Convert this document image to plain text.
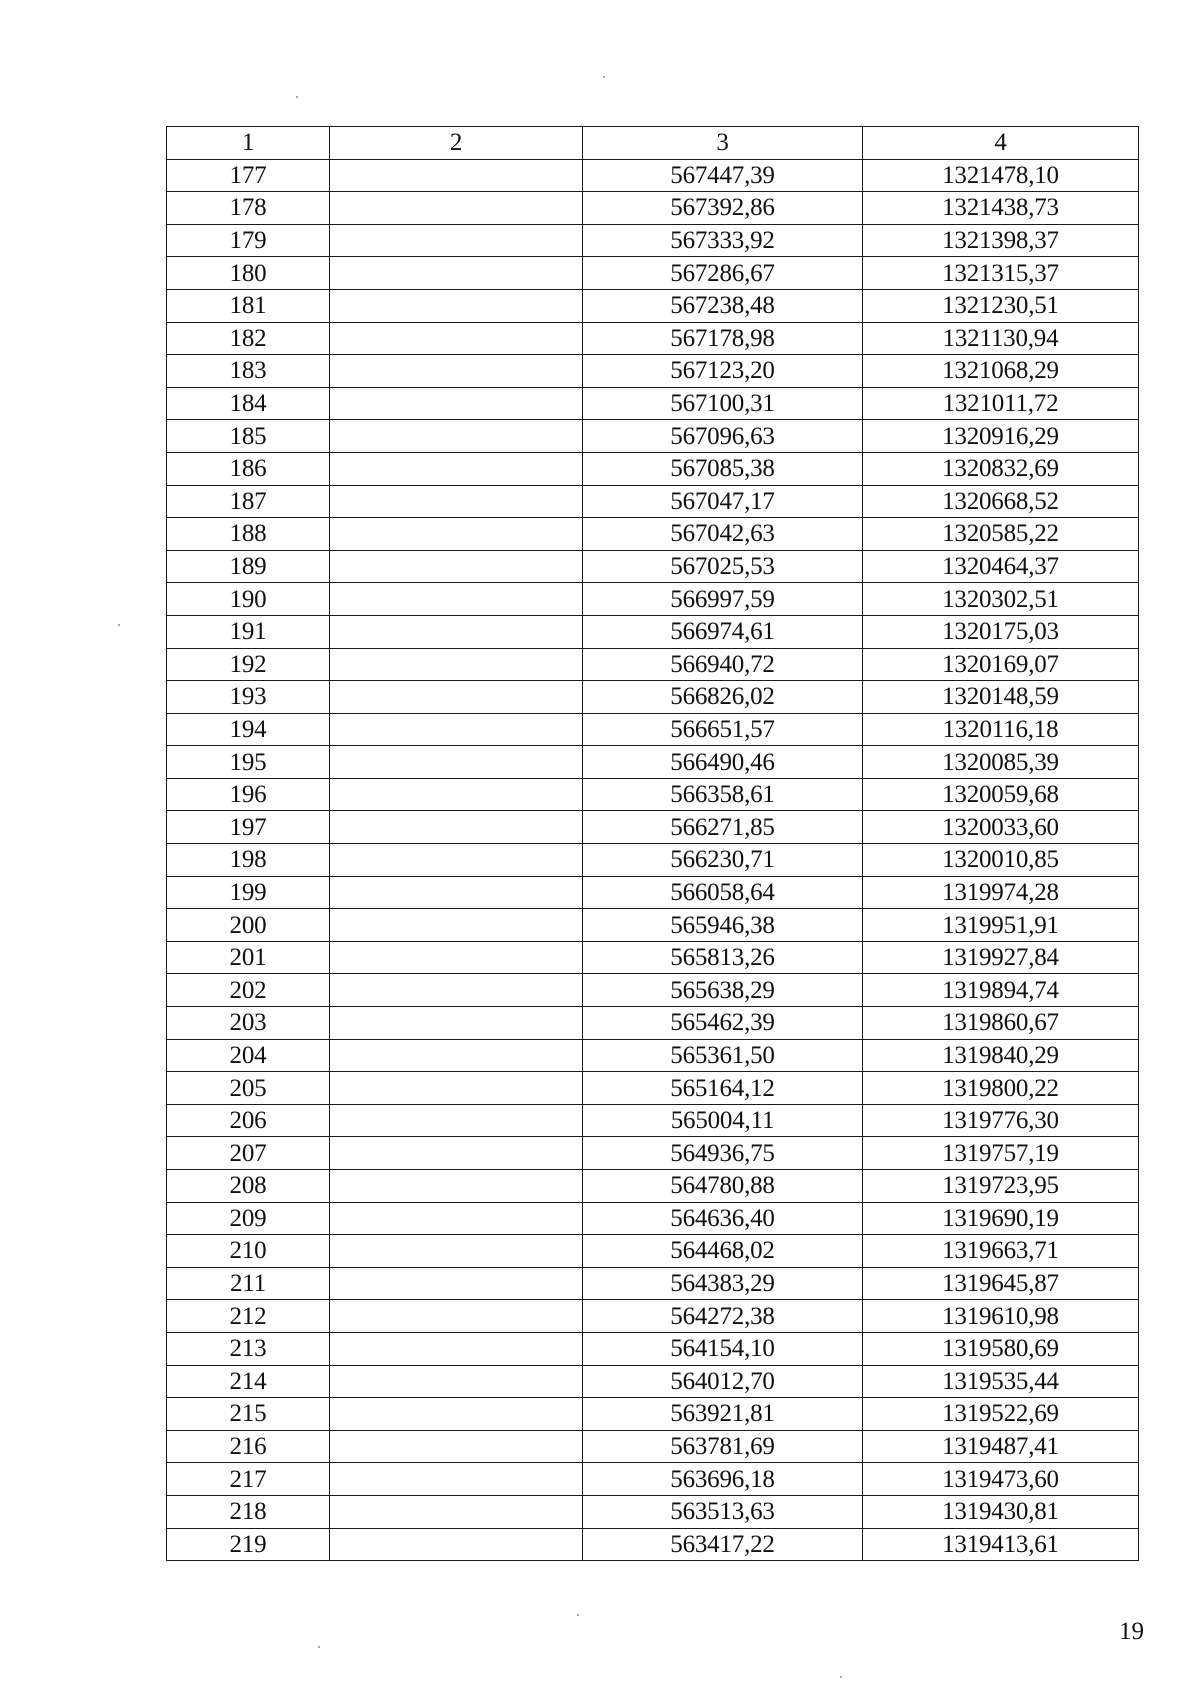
1	2	3	4
177		567447,39	1321478,10
178		567392,86	1321438,73
179		567333,92	1321398,37
180		567286,67	1321315,37
181		567238,48	1321230,51
182		567178,98	1321130,94
183		567123,20	1321068,29
184		567100,31	1321011,72
185		567096,63	1320916,29
186		567085,38	1320832,69
187		567047,17	1320668,52
188		567042,63	1320585,22
189		567025,53	1320464,37
190		566997,59	1320302,51
191		566974,61	1320175,03
192		566940,72	1320169,07
193		566826,02	1320148,59
194		566651,57	1320116,18
195		566490,46	1320085,39
196		566358,61	1320059,68
197		566271,85	1320033,60
198		566230,71	1320010,85
199		566058,64	1319974,28
200		565946,38	1319951,91
201		565813,26	1319927,84
202		565638,29	1319894,74
203		565462,39	1319860,67
204		565361,50	1319840,29
205		565164,12	1319800,22
206		565004,11	1319776,30
207		564936,75	1319757,19
208		564780,88	1319723,95
209		564636,40	1319690,19
210		564468,02	1319663,71
211		564383,29	1319645,87
212		564272,38	1319610,98
213		564154,10	1319580,69
214		564012,70	1319535,44
215		563921,81	1319522,69
216		563781,69	1319487,41
217		563696,18	1319473,60
218		563513,63	1319430,81
219		563417,22	1319413,61
19
